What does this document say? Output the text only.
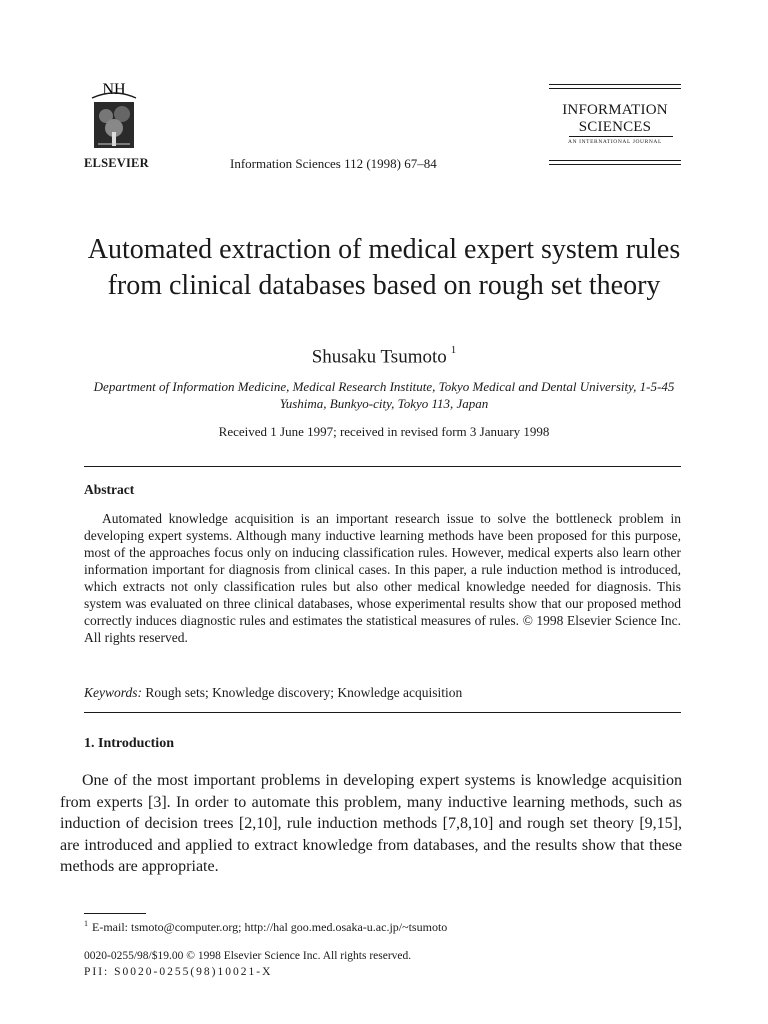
NH
ELSEVIER	Information Sciences 112 (1998) 67–84
INFORMATION
SCIENCES
AN INTERNATIONAL JOURNAL
Automated extraction of medical expert system rules from clinical databases based on rough set theory
Shusaku Tsumoto $^1$
Department of Information Medicine, Medical Research Institute, Tokyo Medical and Dental University, 1-5-45 Yushima, Bunkyo-city, Tokyo 113, Japan
Received 1 June 1997; received in revised form 3 January 1998
Abstract
Automated knowledge acquisition is an important research issue to solve the bottleneck problem in developing expert systems. Although many inductive learning methods have been proposed for this purpose, most of the approaches focus only on inducing classification rules. However, medical experts also learn other information important for diagnosis from clinical cases. In this paper, a rule induction method is introduced, which extracts not only classification rules but also other medical knowledge needed for diagnosis. This system was evaluated on three clinical databases, whose experimental results show that our proposed method correctly induces diagnostic rules and estimates the statistical measures of rules. © 1998 Elsevier Science Inc. All rights reserved.
Keywords: Rough sets; Knowledge discovery; Knowledge acquisition
1. Introduction
One of the most important problems in developing expert systems is knowledge acquisition from experts [3]. In order to automate this problem, many inductive learning methods, such as induction of decision trees [2,10], rule induction methods [7,8,10] and rough set theory [9,15], are introduced and applied to extract knowledge from databases, and the results show that these methods are appropriate.
$^1$ E-mail: tsmoto@computer.org; http://hal goo.med.osaka-u.ac.jp/~tsumoto
0020-0255/98/$19.00 © 1998 Elsevier Science Inc. All rights reserved.
PII: S0020-0255(98)10021-X
